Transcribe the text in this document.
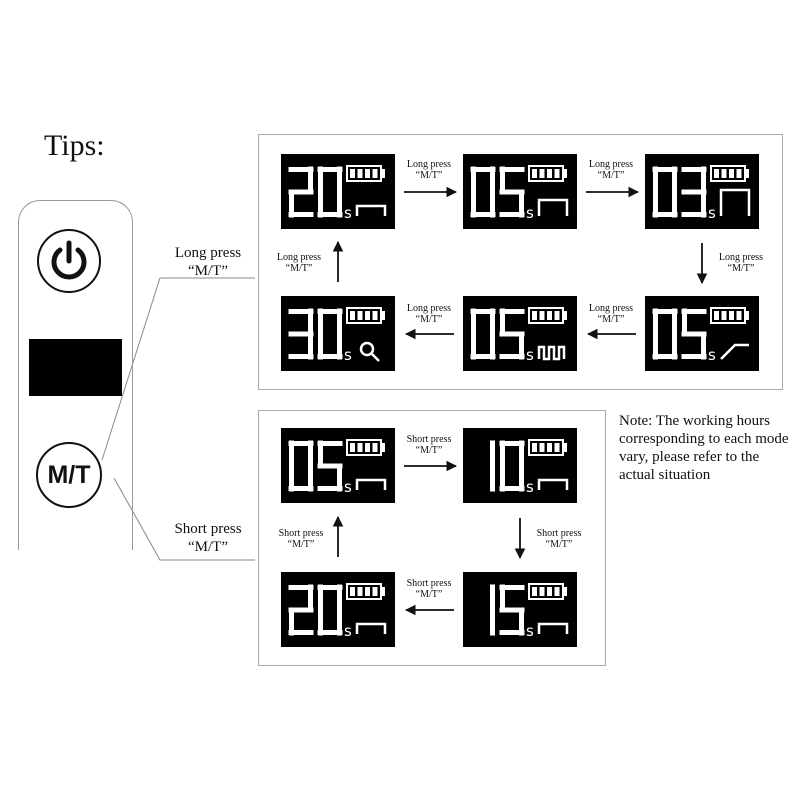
Tips:
M/T
Long press
“M/T”
Short press
“M/T”
20
s
05
s
03
s
05
s
05
s
30
s
05
s
10
s
15
s
20
s
Long press
“M/T”
Long press
“M/T”
Long press
“M/T”
Long press
“M/T”
Long press
“M/T”
Long press
“M/T”
Short press
“M/T”
Short press
“M/T”
Short press
“M/T”
Short press
“M/T”
Note: The working hours corresponding to each mode vary, please refer to the actual situation
